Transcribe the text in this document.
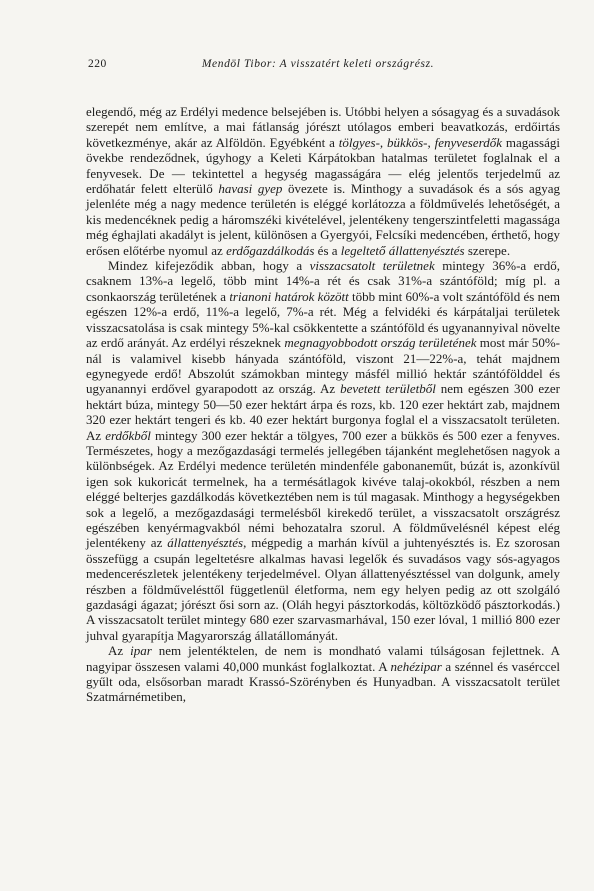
220	Mendöl Tibor: A visszatért keleti országrész.

elegendő, még az Erdélyi medence belsejében is. Utóbbi helyen a sósagyag és a suvadások szerepét nem említve, a mai fátlanság jórészt utólagos emberi beavatkozás, erdőirtás következménye, akár az Alföldön. Egyébként a tölgyes-, bükkös-, fenyveserdők magassági övekbe rendeződnek, úgyhogy a Keleti Kárpátokban hatalmas területet foglalnak el a fenyvesek. De — tekintettel a hegység magasságára — elég jelentős terjedelmű az erdőhatár felett elterülő havasi gyep övezete is. Minthogy a suvadások és a sós agyag jelenléte még a nagy medence területén is eléggé korlátozza a földművelés lehetőségét, a kis medencéknek pedig a háromszéki kivételével, jelentékeny tengerszintfeletti magassága még éghajlati akadályt is jelent, különösen a Gyergyói, Felcsíki medencében, érthető, hogy erősen előtérbe nyomul az erdőgazdálkodás és a legeltető állattenyésztés szerepe.

Mindez kifejeződik abban, hogy a visszacsatolt területnek mintegy 36%-a erdő, csaknem 13%-a legelő, több mint 14%-a rét és csak 31%-a szántóföld; míg pl. a csonkaország területének a trianoni határok között több mint 60%-a volt szántóföld és nem egészen 12%-a erdő, 11%-a legelő, 7%-a rét. Még a felvidéki és kárpátaljai területek visszacsatolása is csak mintegy 5%-kal csökkentette a szántóföld és ugyanannyival növelte az erdő arányát. Az erdélyi részeknek megnagyobbodott ország területének most már 50%-nál is valamivel kisebb hányada szántóföld, viszont 21—22%-a, tehát majdnem egynegyede erdő! Abszolút számokban mintegy másfél millió hektár szántófölddel és ugyanannyi erdővel gyarapodott az ország. Az bevetett területből nem egészen 300 ezer hektárt búza, mintegy 50—50 ezer hektárt árpa és rozs, kb. 120 ezer hektárt zab, majdnem 320 ezer hektárt tengeri és kb. 40 ezer hektárt burgonya foglal el a visszacsatolt területen. Az erdőkből mintegy 300 ezer hektár a tölgyes, 700 ezer a bükkös és 500 ezer a fenyves. Természetes, hogy a mezőgazdasági termelés jellegében tájanként meglehetősen nagyok a különbségek. Az Erdélyi medence területén mindenféle gabonaneműt, búzát is, azonkívül igen sok kukoricát termelnek, ha a termésátlagok kivéve talaj-okokból, részben a nem eléggé belterjes gazdálkodás következtében nem is túl magasak. Minthogy a hegységekben sok a legelő, a mezőgazdasági termelésből kirekedő terület, a visszacsatolt országrész egészében kenyérmagvakból némi behozatalra szorul. A földművelésnél képest elég jelentékeny az állattenyésztés, mégpedig a marhán kívül a juhtenyésztés is. Ez szorosan összefügg a csupán legeltetésre alkalmas havasi legelők és suvadásos vagy sós-agyagos medencerészletek jelentékeny terjedelmével. Olyan állattenyésztéssel van dolgunk, amely részben a földművelésttől függetlenül életforma, nem egy helyen pedig az ott szolgáló gazdasági ágazat; jórészt ősi sorn az. (Oláh hegyi pásztorkodás, költözködő pásztorkodás.) A visszacsatolt terület mintegy 680 ezer szarvasmarhával, 150 ezer lóval, 1 millió 800 ezer juhval gyarapítja Magyarország állatállományát.

Az ipar nem jelentéktelen, de nem is mondható valami túlságosan fejlettnek. A nagyipar összesen valami 40,000 munkást foglalkoztat. A nehézipar a szénnel és vasérccel gyűlt oda, elsősorban maradt Krassó-Szörényben és Hunyadban. A visszacsatolt terület Szatmárnémetiben,
